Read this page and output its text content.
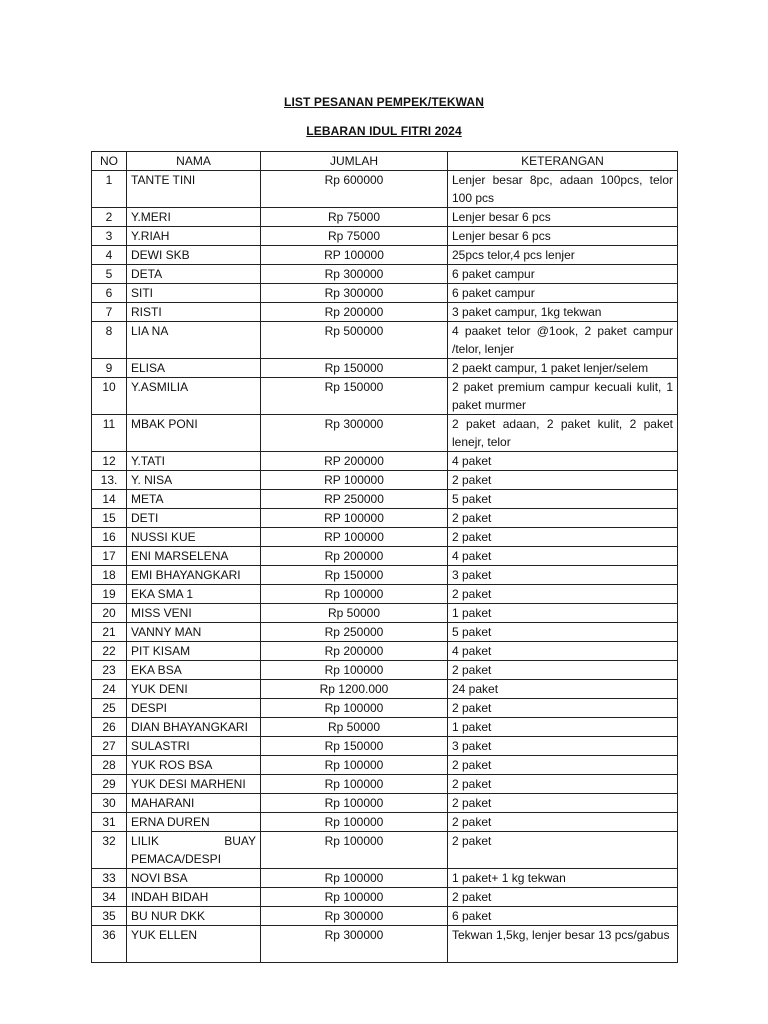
LIST PESANAN PEMPEK/TEKWAN
LEBARAN IDUL FITRI 2024
NO	NAMA	JUMLAH	KETERANGAN
1	TANTE TINI	Rp 600000	Lenjer besar 8pc, adaan 100pcs, telor 100 pcs
2	Y.MERI	Rp 75000	Lenjer besar 6 pcs
3	Y.RIAH	Rp 75000	Lenjer besar 6 pcs
4	DEWI SKB	RP 100000	25pcs telor,4 pcs lenjer
5	DETA	Rp 300000	6 paket campur
6	SITI	Rp 300000	6 paket campur
7	RISTI	Rp 200000	3 paket campur, 1kg tekwan
8	LIA NA	Rp 500000	4 paaket telor @1ook, 2 paket campur /telor, lenjer
9	ELISA	Rp 150000	2 paekt campur, 1 paket lenjer/selem
10	Y.ASMILIA	Rp 150000	2 paket premium campur kecuali kulit, 1 paket murmer
11	MBAK PONI	Rp 300000	2 paket adaan, 2 paket kulit, 2 paket lenejr, telor
12	Y.TATI	RP 200000	4 paket
13.	Y. NISA	RP 100000	2 paket
14	META	RP 250000	5 paket
15	DETI	RP 100000	2 paket
16	NUSSI KUE	RP 100000	2 paket
17	ENI MARSELENA	Rp 200000	4 paket
18	EMI BHAYANGKARI	Rp 150000	3 paket
19	EKA SMA 1	Rp 100000	2 paket
20	MISS VENI	Rp 50000	1 paket
21	VANNY MAN	Rp 250000	5 paket
22	PIT KISAM	Rp 200000	4 paket
23	EKA BSA	Rp 100000	2 paket
24	YUK DENI	Rp 1200.000	24 paket
25	DESPI	Rp 100000	2 paket
26	DIAN BHAYANGKARI	Rp 50000	1 paket
27	SULASTRI	Rp 150000	3 paket
28	YUK ROS BSA	Rp 100000	2 paket
29	YUK DESI MARHENI	Rp 100000	2 paket
30	MAHARANI	Rp 100000	2 paket
31	ERNA DUREN	Rp 100000	2 paket
32	LILIK BUAY PEMACA/DESPI	Rp 100000	2 paket
33	NOVI BSA	Rp 100000	1 paket+ 1 kg tekwan
34	INDAH BIDAH	Rp 100000	2 paket
35	BU NUR DKK	Rp 300000	6 paket
36	YUK ELLEN	Rp 300000	Tekwan 1,5kg, lenjer besar 13 pcs/gabus
